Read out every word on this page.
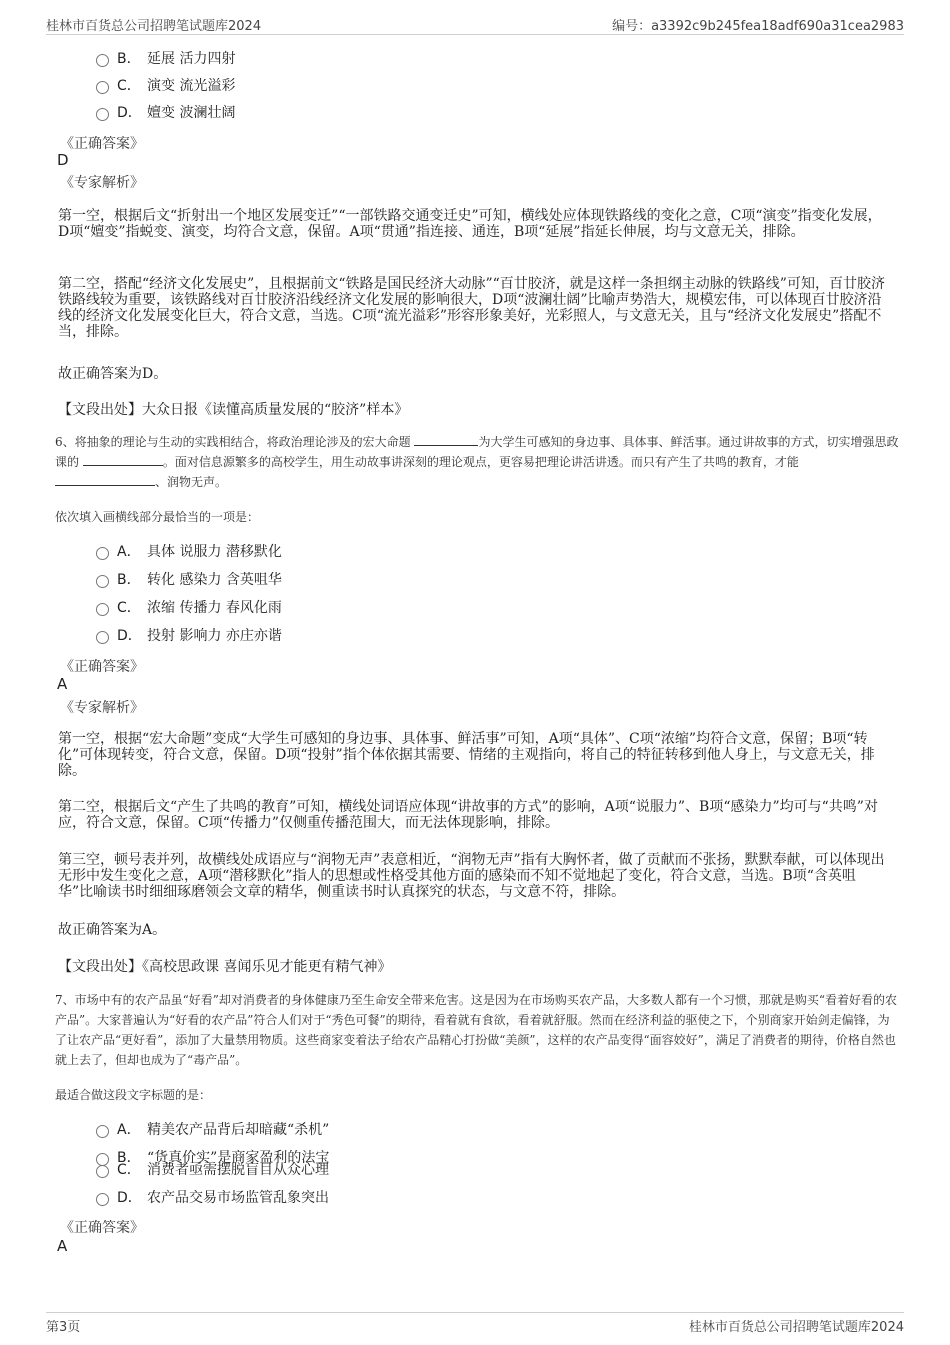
桂林市百货总公司招聘笔试题库2024	编号：a3392c9b245fea18adf690a31cea2983
B． 延展 活力四射
C． 演变 流光溢彩
D． 嬗变 波澜壮阔
《正确答案》
D
《专家解析》
第一空，根据后文“折射出一个地区发展变迁”“一部铁路交通变迁史”可知，横线处应体现铁路线的变化之意，C项“演变”指变化发展，D项“嬗变”指蜕变、演变，均符合文意，保留。A项“贯通”指连接、通连，B项“延展”指延长伸展，均与文意无关，排除。
第二空，搭配“经济文化发展史”，且根据前文“铁路是国民经济大动脉”“百廿胶济，就是这样一条担纲主动脉的铁路线”可知，百廿胶济铁路线较为重要，该铁路线对百廿胶济沿线经济文化发展的影响很大，D项“波澜壮阔”比喻声势浩大，规模宏伟，可以体现百廿胶济沿线的经济文化发展变化巨大，符合文意，当选。C项“流光溢彩”形容形象美好，光彩照人，与文意无关，且与“经济文化发展史”搭配不当，排除。
故正确答案为D。
【文段出处】大众日报《读懂高质量发展的“胶济”样本》
6、将抽象的理论与生动的实践相结合，将政治理论涉及的宏大命题	为大学生可感知的身边事、具体事、鲜活事。通过讲故事的方式，切实增强思政课的	。面对信息源繁多的高校学生，用生动故事讲深刻的理论观点，更容易把理论讲活讲透。而只有产生了共鸣的教育，才能 、润物无声。
依次填入画横线部分最恰当的一项是：
A． 具体 说服力 潜移默化
B． 转化 感染力 含英咀华
C． 浓缩 传播力 春风化雨
D． 投射 影响力 亦庄亦谐
《正确答案》
A
《专家解析》
第一空，根据“宏大命题”变成“大学生可感知的身边事、具体事、鲜活事”可知，A项“具体”、C项“浓缩”均符合文意，保留；B项“转化”可体现转变，符合文意，保留。D项“投射”指个体依据其需要、情绪的主观指向，将自己的特征转移到他人身上，与文意无关，排除。
第二空，根据后文“产生了共鸣的教育”可知，横线处词语应体现“讲故事的方式”的影响，A项“说服力”、B项“感染力”均可与“共鸣”对应，符合文意，保留。C项“传播力”仅侧重传播范围大，而无法体现影响，排除。
第三空，顿号表并列，故横线处成语应与“润物无声”表意相近，“润物无声”指有大胸怀者，做了贡献而不张扬，默默奉献，可以体现出无形中发生变化之意，A项“潜移默化”指人的思想或性格受其他方面的感染而不知不觉地起了变化，符合文意，当选。B项“含英咀华”比喻读书时细细琢磨领会文章的精华，侧重读书时认真探究的状态，与文意不符，排除。
故正确答案为A。
【文段出处】《高校思政课 喜闻乐见才能更有精气神》
7、市场中有的农产品虽“好看”却对消费者的身体健康乃至生命安全带来危害。这是因为在市场购买农产品，大多数人都有一个习惯，那就是购买“看着好看的农产品”。大家普遍认为“好看的农产品”符合人们对于“秀色可餐”的期待，看着就有食欲，看着就舒服。然而在经济利益的驱使之下，个别商家开始剑走偏锋，为了让农产品“更好看”，添加了大量禁用物质。这些商家变着法子给农产品精心打扮做“美颜”，这样的农产品变得“面容姣好”，满足了消费者的期待，价格自然也就上去了，但却也成为了“毒产品”。
最适合做这段文字标题的是：
A． 精美农产品背后却暗藏“杀机”
B． “货真价实”是商家盈利的法宝
C． 消费者亟需摆脱盲目从众心理
D． 农产品交易市场监管乱象突出
《正确答案》
A
第3页	桂林市百货总公司招聘笔试题库2024
